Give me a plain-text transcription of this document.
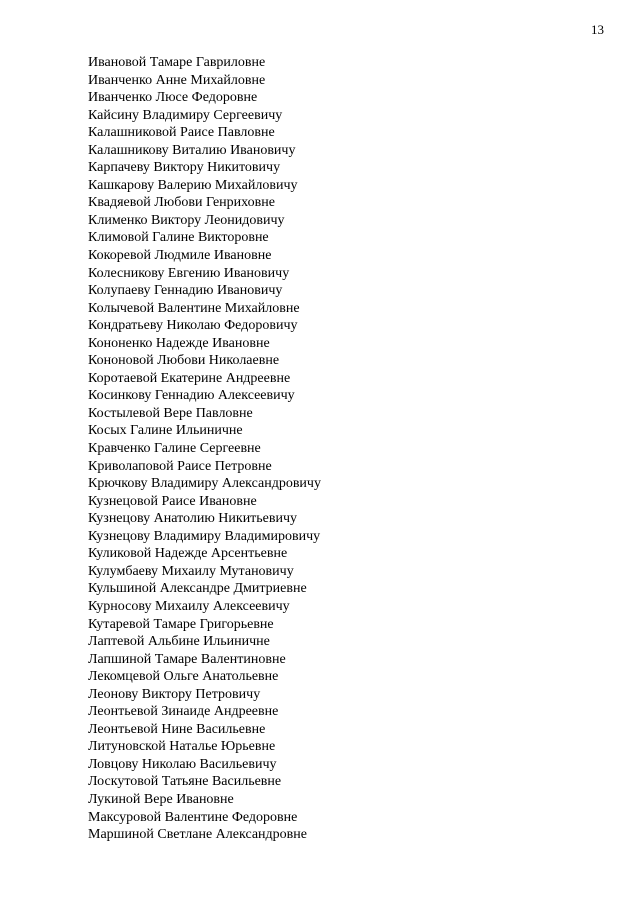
13
Ивановой Тамаре Гавриловне
Иванченко Анне Михайловне
Иванченко Люсе Федоровне
Кайсину Владимиру Сергеевичу
Калашниковой Раисе Павловне
Калашникову Виталию Ивановичу
Карпачеву Виктору Никитовичу
Кашкарову Валерию Михайловичу
Квадяевой Любови Генриховне
Клименко Виктору Леонидовичу
Климовой Галине Викторовне
Кокоревой Людмиле Ивановне
Колесникову Евгению Ивановичу
Колупаеву Геннадию Ивановичу
Колычевой Валентине Михайловне
Кондратьеву Николаю Федоровичу
Кононенко Надежде Ивановне
Кононовой Любови Николаевне
Коротаевой Екатерине Андреевне
Косинкову Геннадию Алексеевичу
Костылевой Вере Павловне
Косых Галине Ильиничне
Кравченко Галине Сергеевне
Криволаповой Раисе Петровне
Крючкову Владимиру Александровичу
Кузнецовой Раисе Ивановне
Кузнецову Анатолию Никитьевичу
Кузнецову Владимиру Владимировичу
Куликовой Надежде Арсентьевне
Кулумбаеву Михаилу Мутановичу
Кульшиной Александре Дмитриевне
Курносову Михаилу Алексеевичу
Кутаревой Тамаре Григорьевне
Лаптевой Альбине Ильиничне
Лапшиной Тамаре Валентиновне
Лекомцевой Ольге Анатольевне
Леонову Виктору Петровичу
Леонтьевой Зинаиде Андреевне
Леонтьевой Нине Васильевне
Литуновской Наталье Юрьевне
Ловцову Николаю Васильевичу
Лоскутовой Татьяне Васильевне
Лукиной Вере Ивановне
Максуровой Валентине Федоровне
Маршиной Светлане Александровне
